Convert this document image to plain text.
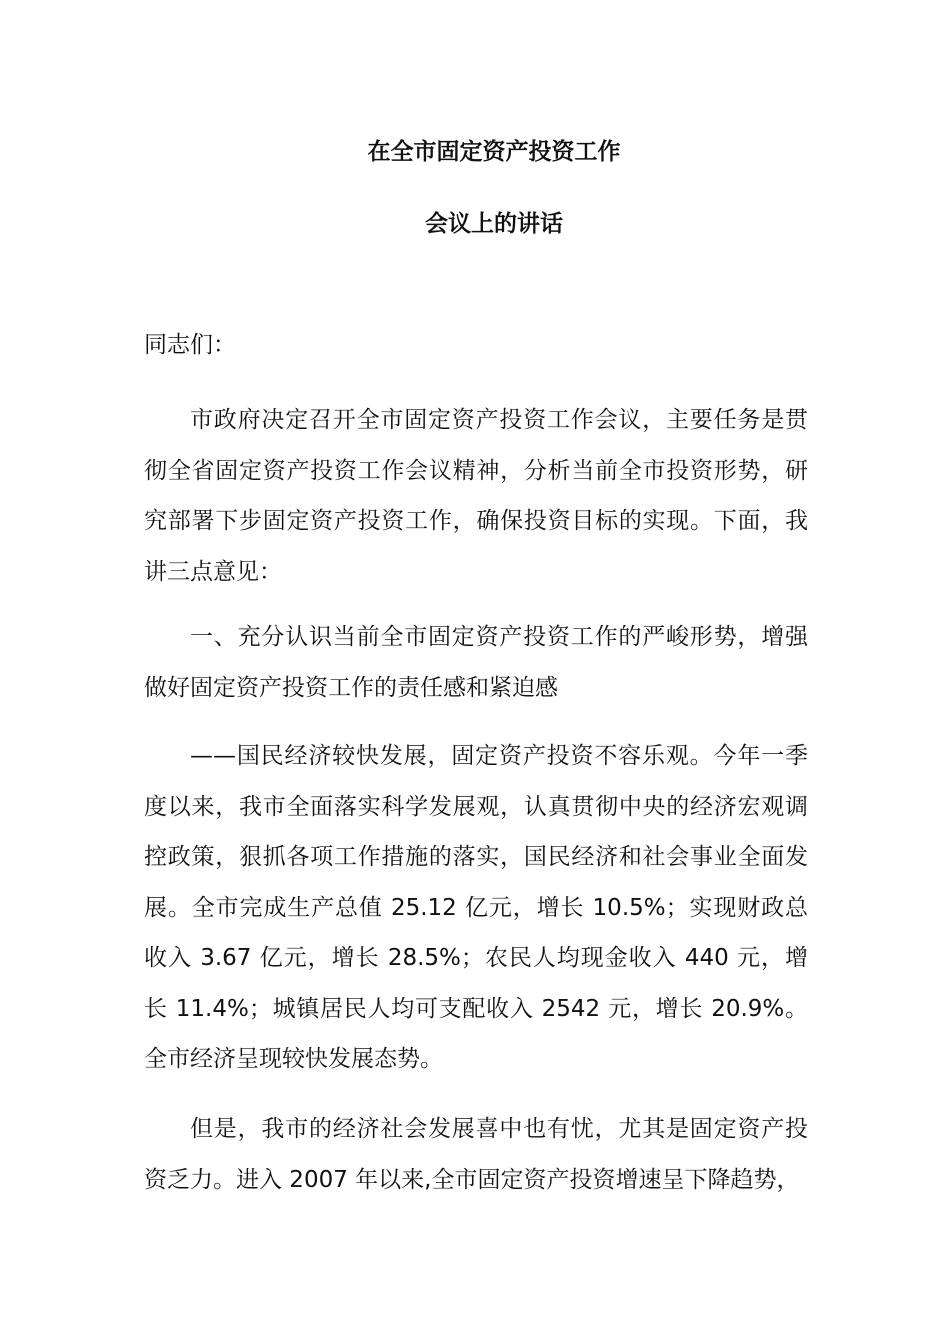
在全市固定资产投资工作
会议上的讲话
同志们：

市政府决定召开全市固定资产投资工作会议，主要任务是贯彻全省固定资产投资工作会议精神，分析当前全市投资形势，研究部署下步固定资产投资工作，确保投资目标的实现。下面，我讲三点意见：

一、充分认识当前全市固定资产投资工作的严峻形势，增强做好固定资产投资工作的责任感和紧迫感

——国民经济较快发展，固定资产投资不容乐观。今年一季度以来，我市全面落实科学发展观，认真贯彻中央的经济宏观调控政策，狠抓各项工作措施的落实，国民经济和社会事业全面发展。全市完成生产总值 25.12 亿元，增长 10.5%；实现财政总收入 3.67 亿元，增长 28.5%；农民人均现金收入 440 元，增长 11.4%；城镇居民人均可支配收入 2542 元，增长 20.9%。全市经济呈现较快发展态势。

但是，我市的经济社会发展喜中也有忧，尤其是固定资产投资乏力。进入 2007 年以来,全市固定资产投资增速呈下降趋势，
